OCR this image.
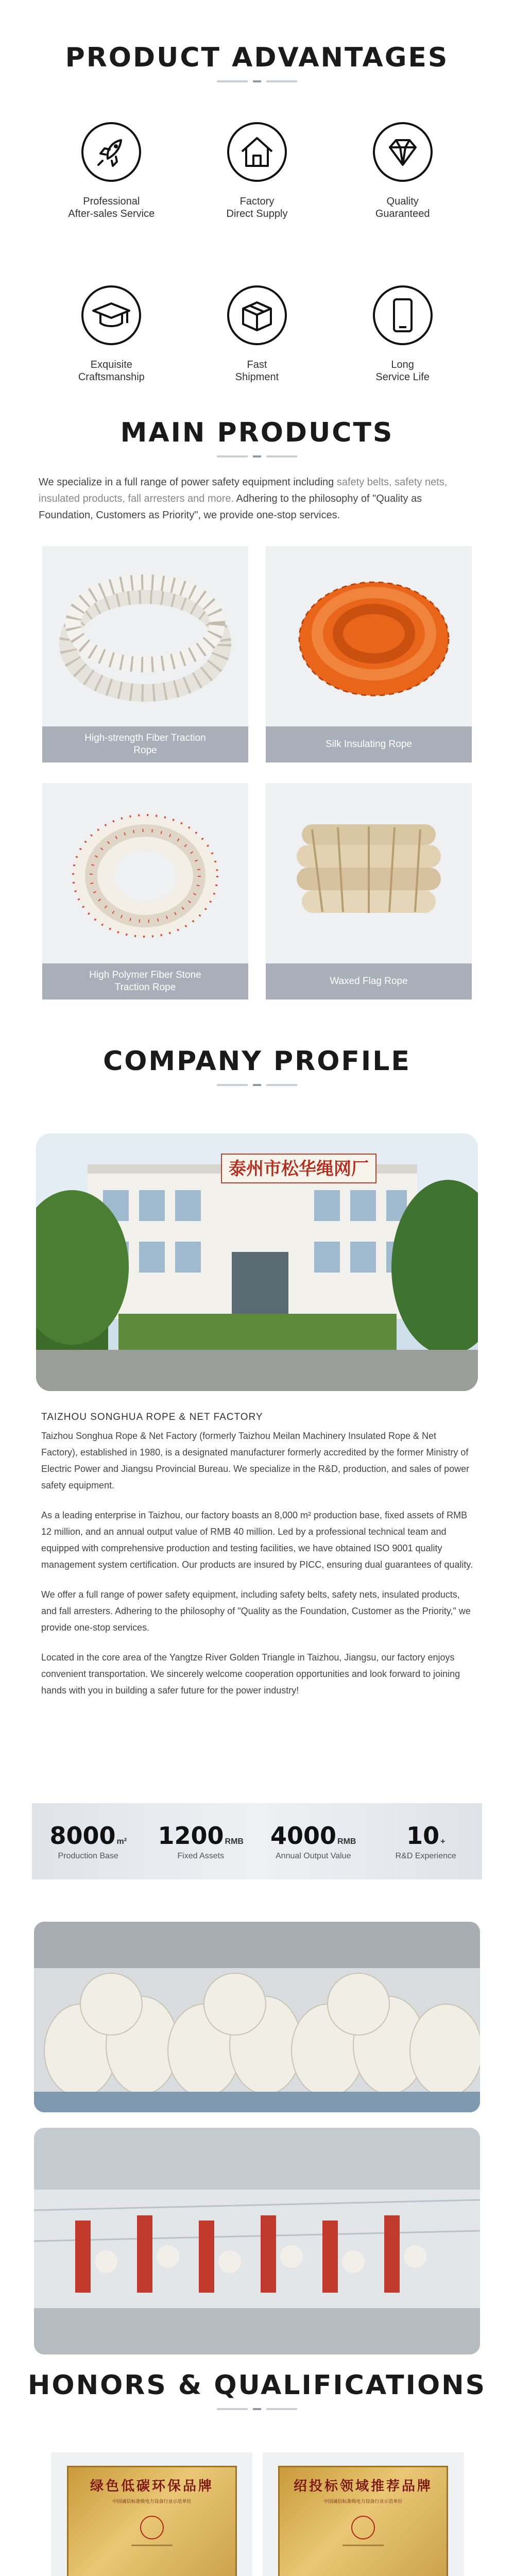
PRODUCT ADVANTAGES
Professional
After-sales Service
Factory
Direct Supply
Quality
Guaranteed
Exquisite
Craftsmanship
Fast
Shipment
Long
Service Life
MAIN PRODUCTS

We specialize in a full range of power safety equipment including safety belts, safety nets, insulated products, fall arresters and more. Adhering to the philosophy of "Quality as Foundation, Customers as Priority", we provide one-stop services.

High-strength Fiber Traction Rope
Silk Insulating Rope
High Polymer Fiber Stone Traction Rope
Waxed Flag Rope
COMPANY PROFILE
泰州市松华绳网厂
TAIZHOU SONGHUA ROPE & NET FACTORY

Taizhou Songhua Rope & Net Factory (formerly Taizhou Meilan Machinery Insulated Rope & Net Factory), established in 1980, is a designated manufacturer formerly accredited by the former Ministry of Electric Power and Jiangsu Provincial Bureau. We specialize in the R&D, production, and sales of power safety equipment.

As a leading enterprise in Taizhou, our factory boasts an 8,000 m² production base, fixed assets of RMB 12 million, and an annual output value of RMB 40 million. Led by a professional technical team and equipped with comprehensive production and testing facilities, we have obtained ISO 9001 quality management system certification. Our products are insured by PICC, ensuring dual guarantees of quality.

We offer a full range of power safety equipment, including safety belts, safety nets, insulated products, and fall arresters. Adhering to the philosophy of "Quality as the Foundation, Customer as the Priority," we provide one-stop services.

Located in the core area of the Yangtze River Golden Triangle in Taizhou, Jiangsu, our factory enjoys convenient transportation. We sincerely welcome cooperation opportunities and look forward to joining hands with you in building a safer future for the power industry!

8000 m²
Production Base
1200 RMB
Fixed Assets
4000 RMB
Annual Output Value
10 +
R&D Experience
HONORS & QUALIFICATIONS
绿色低碳环保品牌
中国诚信标准级电力设备行业示范单位
绍投标领域推荐品牌
中国诚信标准级电力设备行业示范单位
